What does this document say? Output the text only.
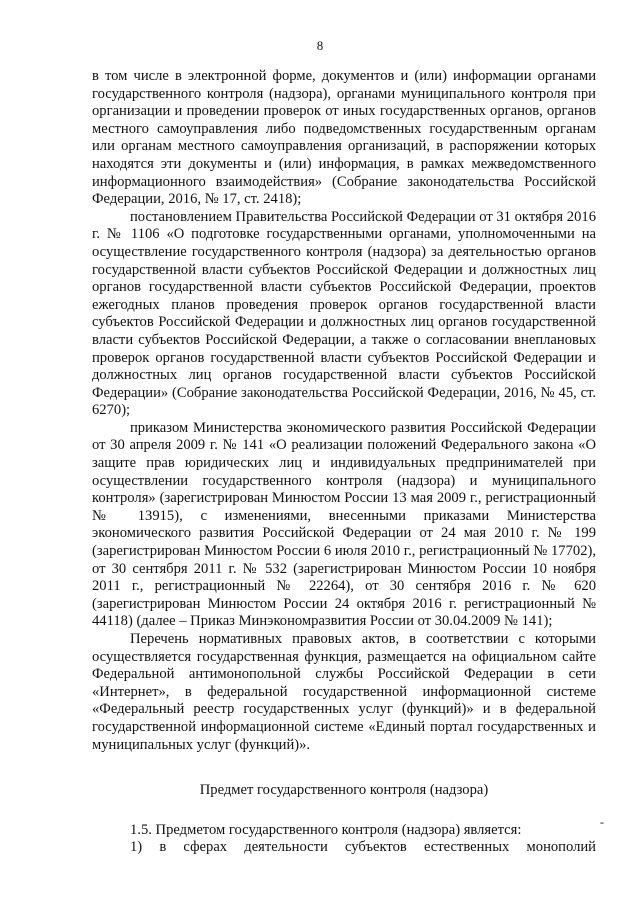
8

в том числе в электронной форме, документов и (или) информации органами государственного контроля (надзора), органами муниципального контроля при организации и проведении проверок от иных государственных органов, органов местного самоуправления либо подведомственных государственным органам или органам местного самоуправления организаций, в распоряжении которых находятся эти документы и (или) информация, в рамках межведомственного информационного взаимодействия» (Собрание законодательства Российской Федерации, 2016, № 17, ст. 2418);

постановлением Правительства Российской Федерации от 31 октября 2016 г. № 1106 «О подготовке государственными органами, уполномоченными на осуществление государственного контроля (надзора) за деятельностью органов государственной власти субъектов Российской Федерации и должностных лиц органов государственной власти субъектов Российской Федерации, проектов ежегодных планов проведения проверок органов государственной власти субъектов Российской Федерации и должностных лиц органов государственной власти субъектов Российской Федерации, а также о согласовании внеплановых проверок органов государственной власти субъектов Российской Федерации и должностных лиц органов государственной власти субъектов Российской Федерации» (Собрание законодательства Российской Федерации, 2016, № 45, ст. 6270);

приказом Министерства экономического развития Российской Федерации от 30 апреля 2009 г. № 141 «О реализации положений Федерального закона «О защите прав юридических лиц и индивидуальных предпринимателей при осуществлении государственного контроля (надзора) и муниципального контроля» (зарегистрирован Минюстом России 13 мая 2009 г., регистрационный № 13915), с изменениями, внесенными приказами Министерства экономического развития Российской Федерации от 24 мая 2010 г. № 199 (зарегистрирован Минюстом России 6 июля 2010 г., регистрационный № 17702), от 30 сентября 2011 г. № 532 (зарегистрирован Минюстом России 10 ноября 2011 г., регистрационный № 22264), от 30 сентября 2016 г. № 620 (зарегистрирован Минюстом России 24 октября 2016 г. регистрационный № 44118) (далее – Приказ Минэкономразвития России от 30.04.2009 № 141);

Перечень нормативных правовых актов, в соответствии с которыми осуществляется государственная функция, размещается на официальном сайте Федеральной антимонопольной службы Российской Федерации в сети «Интернет», в федеральной государственной информационной системе «Федеральный реестр государственных услуг (функций)» и в федеральной государственной информационной системе «Единый портал государственных и муниципальных услуг (функций)».

Предмет государственного контроля (надзора)

1.5. Предметом государственного контроля (надзора) является:

1) в сферах деятельности субъектов естественных монополий

-
